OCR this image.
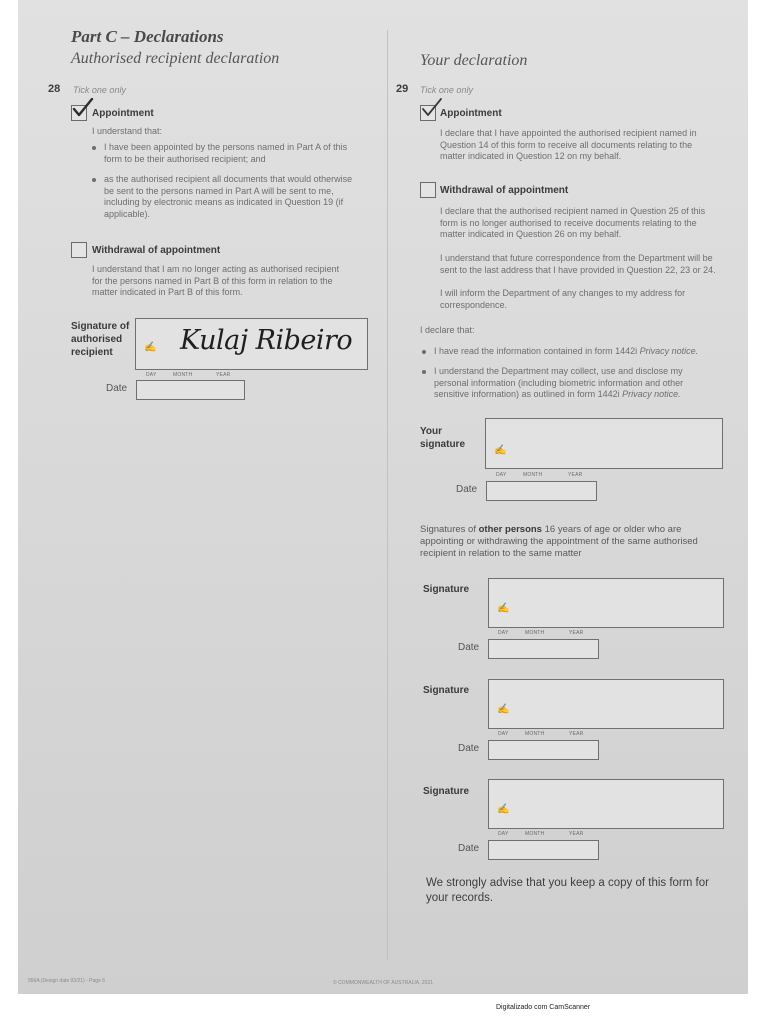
Part C – Declarations
Authorised recipient declaration
28 Tick one only
Appointment
I understand that:
I have been appointed by the persons named in Part A of this
form to be their authorised recipient; and
as the authorised recipient all documents that would otherwise
be sent to the persons named in Part A will be sent to me,
including by electronic means as indicated in Question 19 (if
applicable).
Withdrawal of appointment
I understand that I am no longer acting as authorised recipient
for the persons named in Part B of this form in relation to the
matter indicated in Part B of this form.
Signature of
authorised
recipient	✍ Kulaj Ribeiro
DAY	MONTH	YEAR
Date
Your declaration
29 Tick one only
Appointment
I declare that I have appointed the authorised recipient named in
Question 14 of this form to receive all documents relating to the
matter indicated in Question 12 on my behalf.
Withdrawal of appointment
I declare that the authorised recipient named in Question 25 of this
form is no longer authorised to receive documents relating to the
matter indicated in Question 26 on my behalf.
I understand that future correspondence from the Department will be
sent to the last address that I have provided in Question 22, 23 or 24.
I will inform the Department of any changes to my address for
correspondence.
I declare that:
I have read the information contained in form 1442i Privacy notice.
I understand the Department may collect, use and disclose my
personal information (including biometric information and other
sensitive information) as outlined in form 1442i Privacy notice.
Your
signature
✍
DAY	MONTH	YEAR
Date
Signatures of other persons 16 years of age or older who are
appointing or withdrawing the appointment of the same authorised
recipient in relation to the same matter
Signature
✍
DAY	MONTH	YEAR
Date
Signature
✍
DAY	MONTH	YEAR
Date
Signature
✍
DAY	MONTH	YEAR
Date
We strongly advise that you keep a copy of this form for
your records.
956A (Design date 03/21) - Page 6	© COMMONWEALTH OF AUSTRALIA, 2021
Digitalizado com CamScanner
